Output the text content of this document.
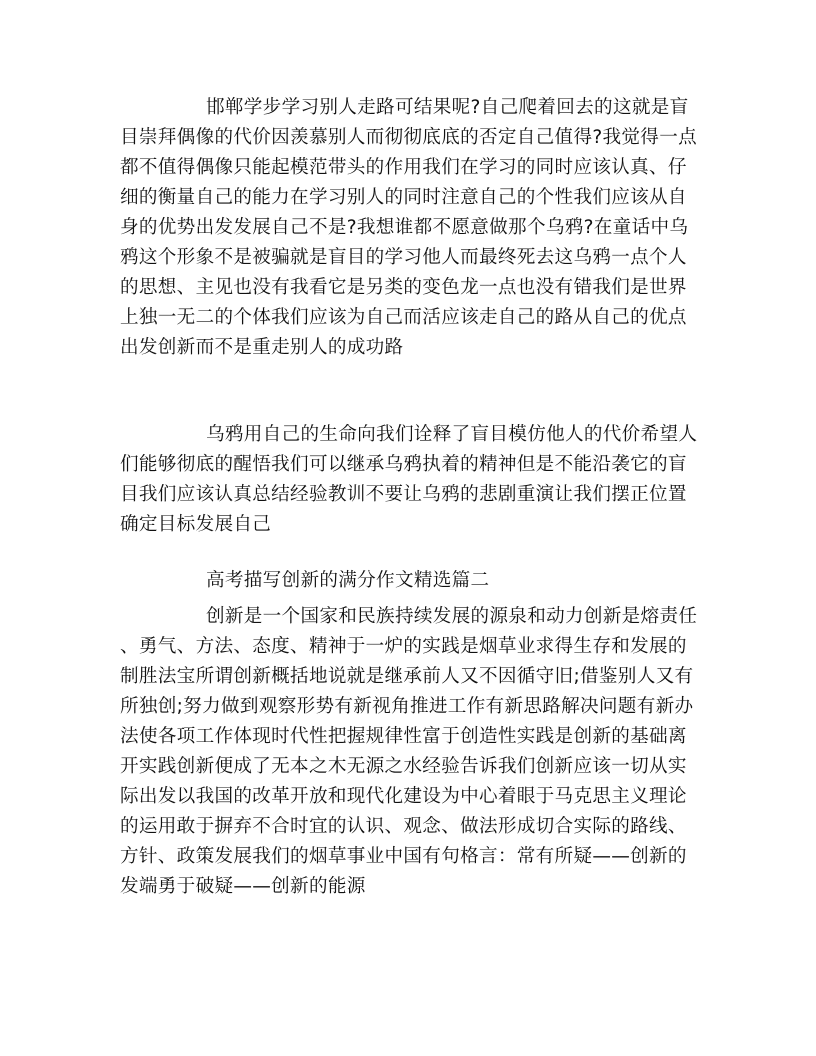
邯郸学步学习别人走路可结果呢?自己爬着回去的这就是盲
目崇拜偶像的代价因羡慕别人而彻彻底底的否定自己值得?我觉得一点
都不值得偶像只能起模范带头的作用我们在学习的同时应该认真、仔
细的衡量自己的能力在学习别人的同时注意自己的个性我们应该从自
身的优势出发发展自己不是?我想谁都不愿意做那个乌鸦?在童话中乌
鸦这个形象不是被骗就是盲目的学习他人而最终死去这乌鸦一点个人
的思想、主见也没有我看它是另类的变色龙一点也没有错我们是世界
上独一无二的个体我们应该为自己而活应该走自己的路从自己的优点
出发创新而不是重走别人的成功路

乌鸦用自己的生命向我们诠释了盲目模仿他人的代价希望人
们能够彻底的醒悟我们可以继承乌鸦执着的精神但是不能沿袭它的盲
目我们应该认真总结经验教训不要让乌鸦的悲剧重演让我们摆正位置
确定目标发展自己

高考描写创新的满分作文精选篇二

创新是一个国家和民族持续发展的源泉和动力创新是熔责任
、勇气、方法、态度、精神于一炉的实践是烟草业求得生存和发展的
制胜法宝所谓创新概括地说就是继承前人又不因循守旧;借鉴别人又有
所独创;努力做到观察形势有新视角推进工作有新思路解决问题有新办
法使各项工作体现时代性把握规律性富于创造性实践是创新的基础离
开实践创新便成了无本之木无源之水经验告诉我们创新应该一切从实
际出发以我国的改革开放和现代化建设为中心着眼于马克思主义理论
的运用敢于摒弃不合时宜的认识、观念、做法形成切合实际的路线、
方针、政策发展我们的烟草事业中国有句格言：常有所疑——创新的
发端勇于破疑——创新的能源
